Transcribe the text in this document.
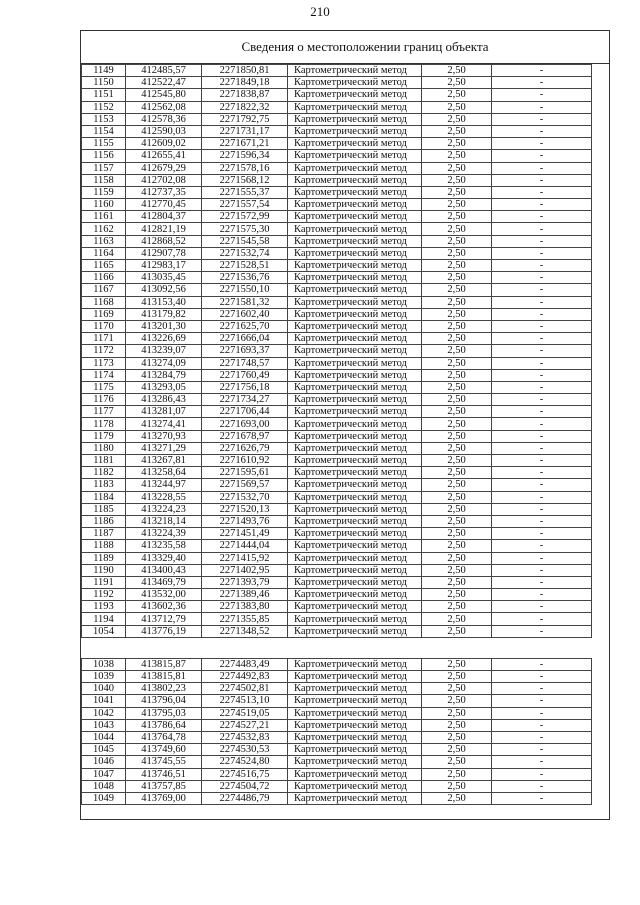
210
Сведения о местоположении границ объекта
1149	412485,57	2271850,81	Картометрический метод	2,50	-
1150	412522,47	2271849,18	Картометрический метод	2,50	-
1151	412545,80	2271838,87	Картометрический метод	2,50	-
1152	412562,08	2271822,32	Картометрический метод	2,50	-
1153	412578,36	2271792,75	Картометрический метод	2,50	-
1154	412590,03	2271731,17	Картометрический метод	2,50	-
1155	412609,02	2271671,21	Картометрический метод	2,50	-
1156	412655,41	2271596,34	Картометрический метод	2,50	-
1157	412679,29	2271578,16	Картометрический метод	2,50	-
1158	412702,08	2271568,12	Картометрический метод	2,50	-
1159	412737,35	2271555,37	Картометрический метод	2,50	-
1160	412770,45	2271557,54	Картометрический метод	2,50	-
1161	412804,37	2271572,99	Картометрический метод	2,50	-
1162	412821,19	2271575,30	Картометрический метод	2,50	-
1163	412868,52	2271545,58	Картометрический метод	2,50	-
1164	412907,78	2271532,74	Картометрический метод	2,50	-
1165	412983,17	2271528,51	Картометрический метод	2,50	-
1166	413035,45	2271536,76	Картометрический метод	2,50	-
1167	413092,56	2271550,10	Картометрический метод	2,50	-
1168	413153,40	2271581,32	Картометрический метод	2,50	-
1169	413179,82	2271602,40	Картометрический метод	2,50	-
1170	413201,30	2271625,70	Картометрический метод	2,50	-
1171	413226,69	2271666,04	Картометрический метод	2,50	-
1172	413239,07	2271693,37	Картометрический метод	2,50	-
1173	413274,09	2271748,57	Картометрический метод	2,50	-
1174	413284,79	2271760,49	Картометрический метод	2,50	-
1175	413293,05	2271756,18	Картометрический метод	2,50	-
1176	413286,43	2271734,27	Картометрический метод	2,50	-
1177	413281,07	2271706,44	Картометрический метод	2,50	-
1178	413274,41	2271693,00	Картометрический метод	2,50	-
1179	413270,93	2271678,97	Картометрический метод	2,50	-
1180	413271,29	2271626,79	Картометрический метод	2,50	-
1181	413267,81	2271610,92	Картометрический метод	2,50	-
1182	413258,64	2271595,61	Картометрический метод	2,50	-
1183	413244,97	2271569,57	Картометрический метод	2,50	-
1184	413228,55	2271532,70	Картометрический метод	2,50	-
1185	413224,23	2271520,13	Картометрический метод	2,50	-
1186	413218,14	2271493,76	Картометрический метод	2,50	-
1187	413224,39	2271451,49	Картометрический метод	2,50	-
1188	413235,58	2271444,04	Картометрический метод	2,50	-
1189	413329,40	2271415,92	Картометрический метод	2,50	-
1190	413400,43	2271402,95	Картометрический метод	2,50	-
1191	413469,79	2271393,79	Картометрический метод	2,50	-
1192	413532,00	2271389,46	Картометрический метод	2,50	-
1193	413602,36	2271383,80	Картометрический метод	2,50	-
1194	413712,79	2271355,85	Картометрический метод	2,50	-
1054	413776,19	2271348,52	Картометрический метод	2,50	-

1038	413815,87	2274483,49	Картометрический метод	2,50	-
1039	413815,81	2274492,83	Картометрический метод	2,50	-
1040	413802,23	2274502,81	Картометрический метод	2,50	-
1041	413796,04	2274513,10	Картометрический метод	2,50	-
1042	413795,03	2274519,05	Картометрический метод	2,50	-
1043	413786,64	2274527,21	Картометрический метод	2,50	-
1044	413764,78	2274532,83	Картометрический метод	2,50	-
1045	413749,60	2274530,53	Картометрический метод	2,50	-
1046	413745,55	2274524,80	Картометрический метод	2,50	-
1047	413746,51	2274516,75	Картометрический метод	2,50	-
1048	413757,85	2274504,72	Картометрический метод	2,50	-
1049	413769,00	2274486,79	Картометрический метод	2,50	-
